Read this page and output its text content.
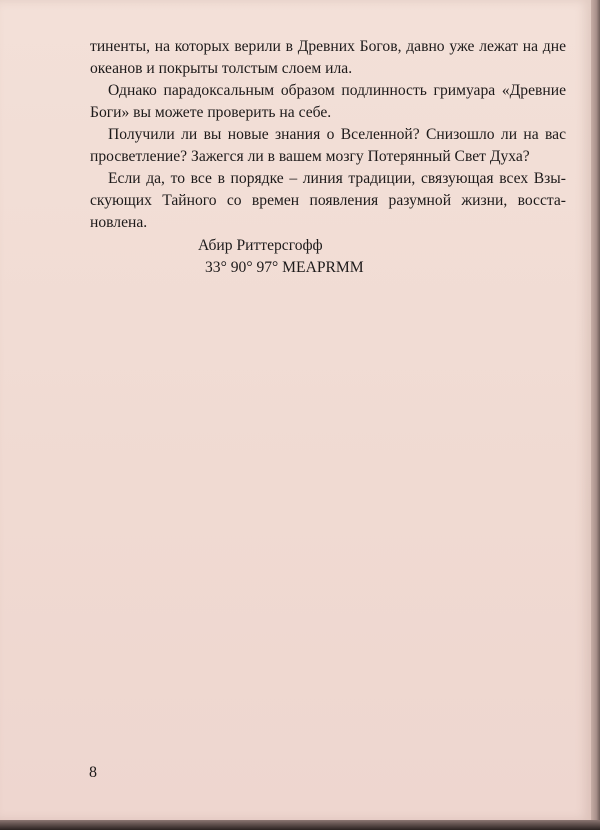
тиненты, на которых верили в Древних Богов, давно уже лежат на дне океанов и покрыты толстым слоем ила.

Однако парадоксальным образом подлинность гримуара «Древние Боги» вы можете проверить на себе.

Получили ли вы новые знания о Вселенной? Снизошло ли на вас просветление? Зажегся ли в вашем мозгу Потерянный Свет Духа?

Если да, то все в порядке – линия традиции, связующая всех Взыскующих Тайного со времен появления разумной жизни, восстановлена.

Абир Риттерсгофф
33° 90° 97° MEAPRMM
8
